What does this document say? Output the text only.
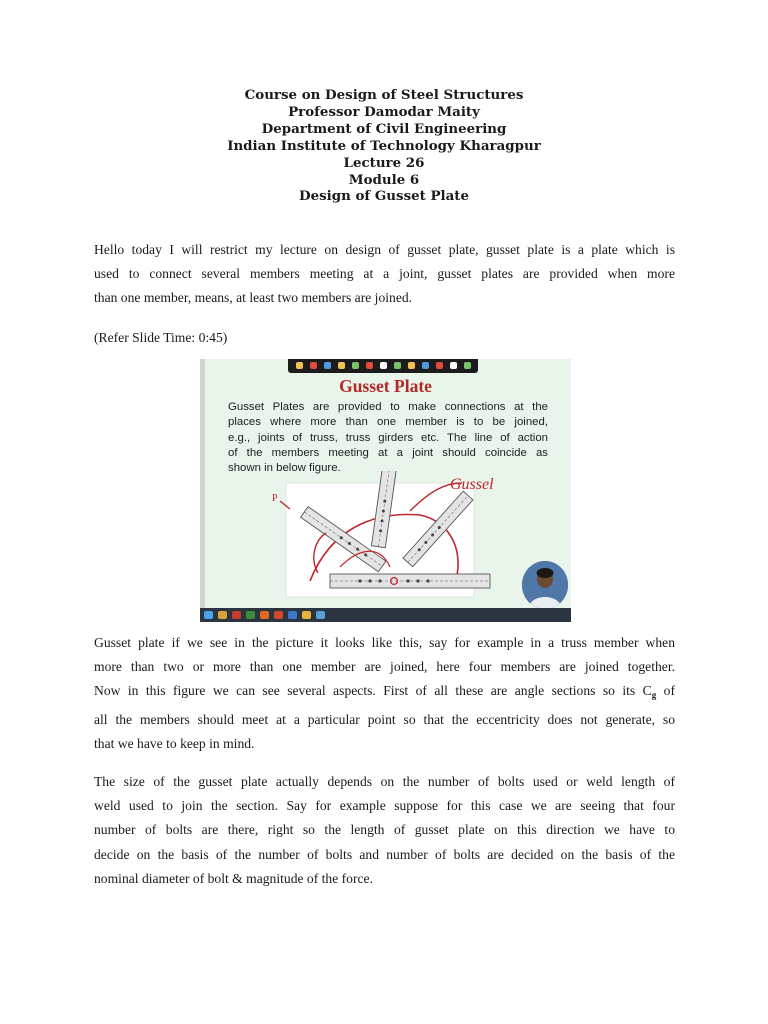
Course on Design of Steel Structures
Professor Damodar Maity
Department of Civil Engineering
Indian Institute of Technology Kharagpur
Lecture 26
Module 6
Design of Gusset Plate
Hello today I will restrict my lecture on design of gusset plate, gusset plate is a plate which is
used to connect several members meeting at a joint, gusset plates are provided when more
than one member, means, at least two members are joined.
(Refer Slide Time: 0:45)
Gusset Plate
Gusset Plates are provided to make connections at the
places where more than one member is to be joined,
e.g., joints of truss, truss girders etc. The line of action
of the members meeting at a joint should coincide as
shown in below figure.
P
Gussel
Gusset plate if we see in the picture it looks like this, say for example in a truss member when
more than two or more than one member are joined, here four members are joined together.
Now in this figure we can see several aspects. First of all these are angle sections so its $C_g$ of
all the members should meet at a particular point so that the eccentricity does not generate, so
that we have to keep in mind.
The size of the gusset plate actually depends on the number of bolts used or weld length of
weld used to join the section. Say for example suppose for this case we are seeing that four
number of bolts are there, right so the length of gusset plate on this direction we have to
decide on the basis of the number of bolts and number of bolts are decided on the basis of the
nominal diameter of bolt & magnitude of the force.
